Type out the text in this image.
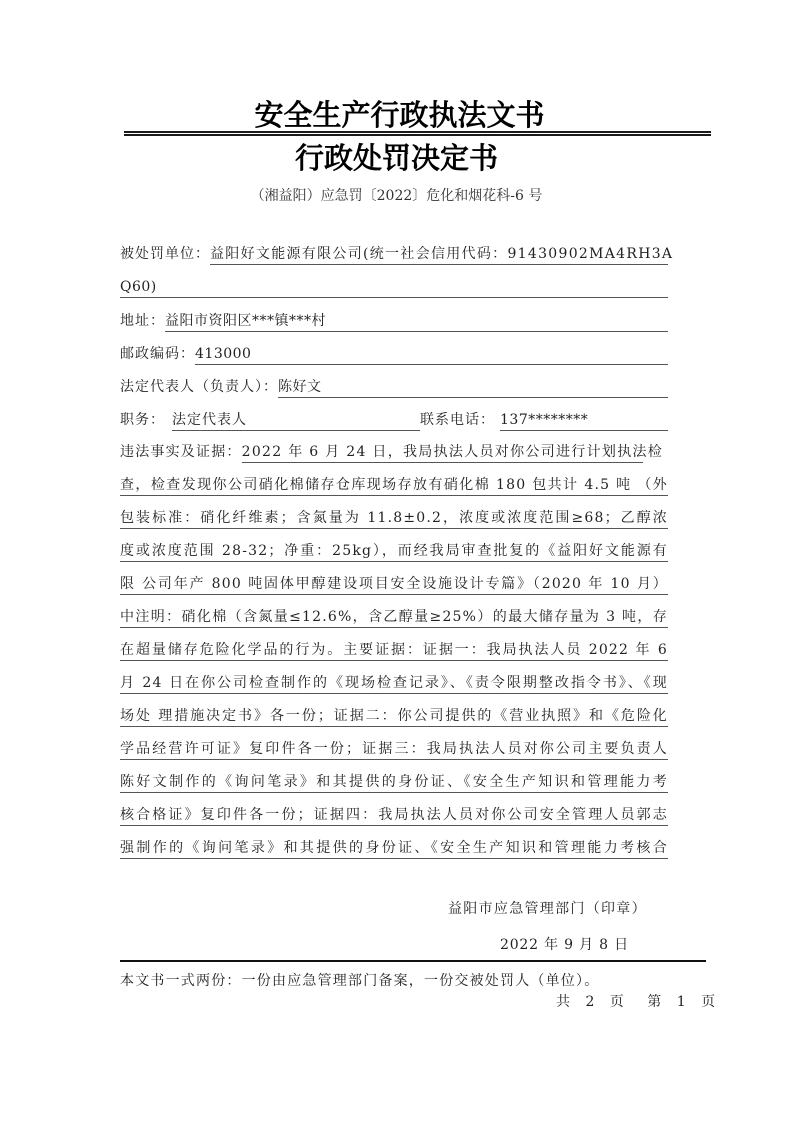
安全生产行政执法文书
行政处罚决定书
（湘益阳）应急罚〔2022〕危化和烟花科-6 号
被处罚单位：益阳好文能源有限公司(统一社会信用代码：91430902MA4RH3A
Q60)
地址：益阳市资阳区***镇***村
邮政编码：413000
法定代表人（负责人）：陈好文
职务： 法定代表人	联系电话： 137********
违法事实及证据：2022 年 6 月 24 日，我局执法人员对你公司进行计划执法检
查，检查发现你公司硝化棉储存仓库现场存放有硝化棉 180 包共计 4.5 吨 （外
包装标准：硝化纤维素；含氮量为 11.8±0.2，浓度或浓度范围≥68；乙醇浓
度或浓度范围 28-32；净重：25kg），而经我局审查批复的《益阳好文能源有
限 公司年产 800 吨固体甲醇建设项目安全设施设计专篇》（2020 年 10 月）
中注明：硝化棉（含氮量≤12.6%，含乙醇量≥25%）的最大储存量为 3 吨，存
在超量储存危险化学品的行为。主要证据：证据一：我局执法人员 2022 年 6
月 24 日在你公司检查制作的《现场检查记录》、《责令限期整改指令书》、《现
场处 理措施决定书》各一份；证据二：你公司提供的《营业执照》和《危险化
学品经营许可证》复印件各一份；证据三：我局执法人员对你公司主要负责人
陈好文制作的《询问笔录》和其提供的身份证、《安全生产知识和管理能力考
核合格证》复印件各一份；证据四：我局执法人员对你公司安全管理人员郭志
强制作的《询问笔录》和其提供的身份证、《安全生产知识和管理能力考核合
益阳市应急管理部门（印章）
2022 年 9 月 8 日
本文书一式两份：一份由应急管理部门备案，一份交被处罚人（单位）。
共 2 页 第 1 页
